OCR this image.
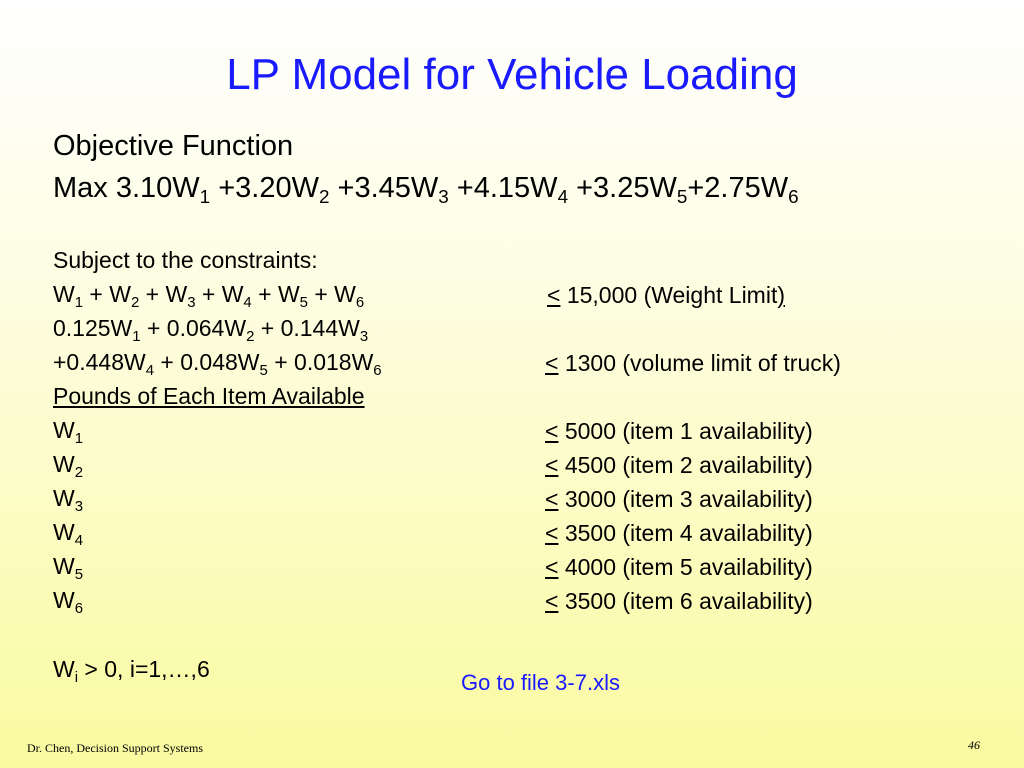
LP Model for Vehicle Loading
Objective Function
Max $3.10W_1 +3.20W_2 +3.45W_3 +4.15W_4 +3.25W_5+2.75W_6$
Subject to the constraints:
$W_1 + W_2 + W_3 + W_4 + W_5 + W_6$	≤ 15,000 (Weight Limit)
$0.125W_1 + 0.064W_2 + 0.144W_3$
$+0.448W_4 + 0.048W_5 + 0.018W_6$	≤ 1300 (volume limit of truck)
Pounds of Each Item Available
$W_1$	≤ 5000 (item 1 availability)
$W_2$	≤ 4500 (item 2 availability)
$W_3$	≤ 3000 (item 3 availability)
$W_4$	≤ 3500 (item 4 availability)
$W_5$	≤ 4000 (item 5 availability)
$W_6$	≤ 3500 (item 6 availability)
$W_i > 0$, i=1,…,6
Go to file 3-7.xls
Dr. Chen, Decision Support Systems	46
